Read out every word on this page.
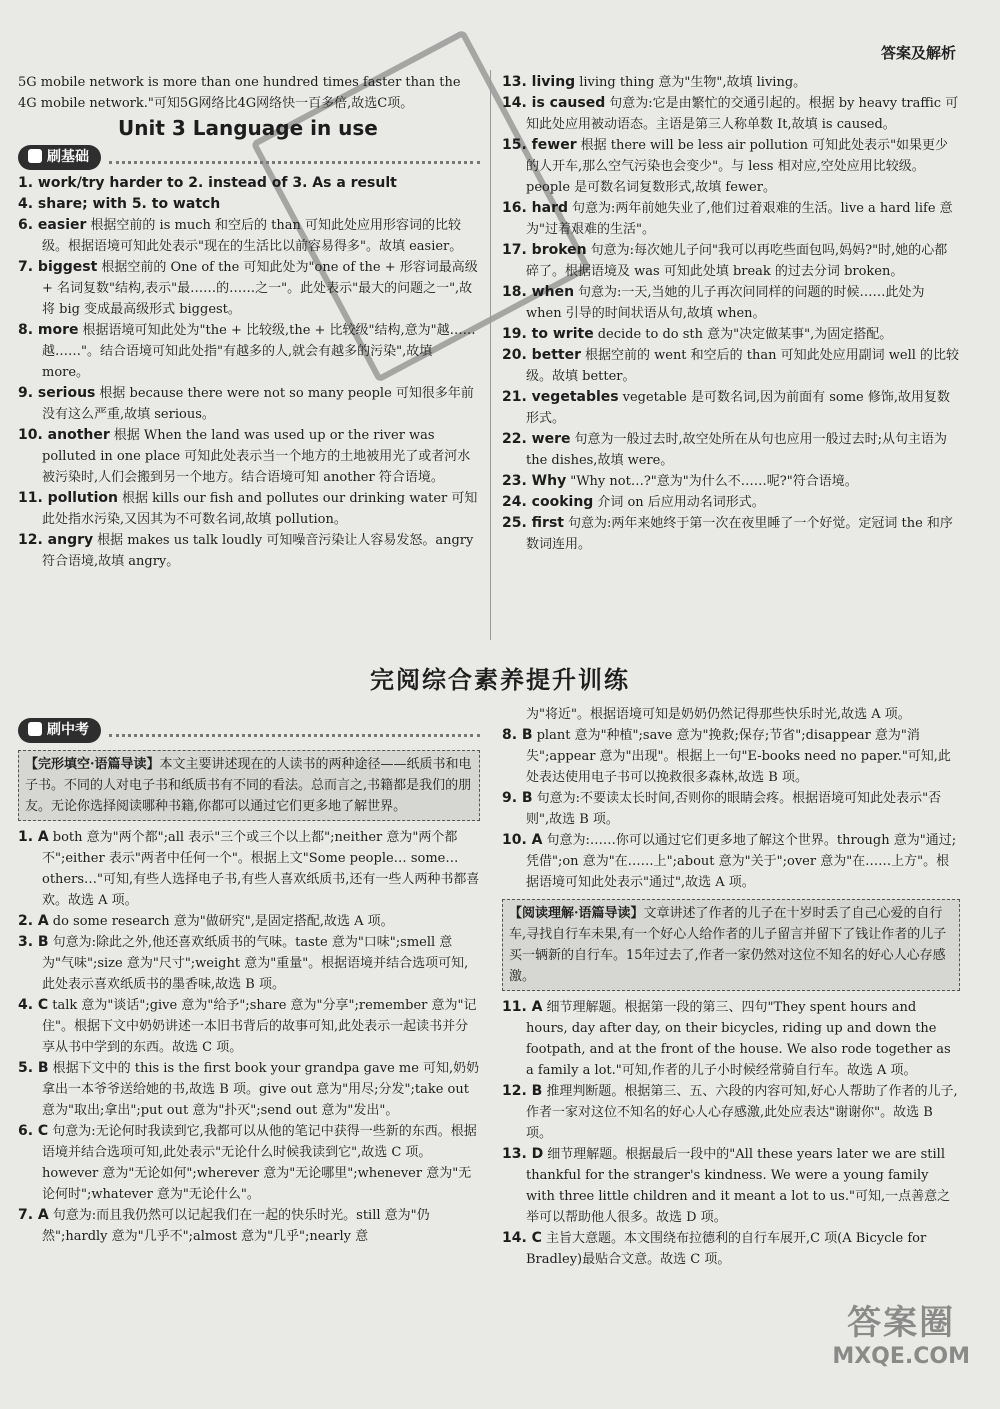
答案及解析

5G mobile network is more than one hundred times faster than the 4G mobile network."可知5G网络比4G网络快一百多倍,故选C项。

Unit 3 Language in use

刷基础

1. work/try harder to 2. instead of 3. As a result

4. share; with 5. to watch

6. easier 根据空前的 is much 和空后的 than 可知此处应用形容词的比较级。根据语境可知此处表示"现在的生活比以前容易得多"。故填 easier。

7. biggest 根据空前的 One of the 可知此处为"one of the + 形容词最高级 + 名词复数"结构,表示"最……的……之一"。此处表示"最大的问题之一",故将 big 变成最高级形式 biggest。

8. more 根据语境可知此处为"the + 比较级,the + 比较级"结构,意为"越……越……"。结合语境可知此处指"有越多的人,就会有越多的污染",故填 more。

9. serious 根据 because there were not so many people 可知很多年前没有这么严重,故填 serious。

10. another 根据 When the land was used up or the river was polluted in one place 可知此处表示当一个地方的土地被用光了或者河水被污染时,人们会搬到另一个地方。结合语境可知 another 符合语境。

11. pollution 根据 kills our fish and pollutes our drinking water 可知此处指水污染,又因其为不可数名词,故填 pollution。

12. angry 根据 makes us talk loudly 可知噪音污染让人容易发怒。angry 符合语境,故填 angry。

13. living living thing 意为"生物",故填 living。

14. is caused 句意为:它是由繁忙的交通引起的。根据 by heavy traffic 可知此处应用被动语态。主语是第三人称单数 It,故填 is caused。

15. fewer 根据 there will be less air pollution 可知此处表示"如果更少的人开车,那么空气污染也会变少"。与 less 相对应,空处应用比较级。people 是可数名词复数形式,故填 fewer。

16. hard 句意为:两年前她失业了,他们过着艰难的生活。live a hard life 意为"过着艰难的生活"。

17. broken 句意为:每次她儿子问"我可以再吃些面包吗,妈妈?"时,她的心都碎了。根据语境及 was 可知此处填 break 的过去分词 broken。

18. when 句意为:一天,当她的儿子再次问同样的问题的时候……此处为 when 引导的时间状语从句,故填 when。

19. to write decide to do sth 意为"决定做某事",为固定搭配。

20. better 根据空前的 went 和空后的 than 可知此处应用副词 well 的比较级。故填 better。

21. vegetables vegetable 是可数名词,因为前面有 some 修饰,故用复数形式。

22. were 句意为一般过去时,故空处所在从句也应用一般过去时;从句主语为 the dishes,故填 were。

23. Why "Why not…?"意为"为什么不……呢?"符合语境。

24. cooking 介词 on 后应用动名词形式。

25. first 句意为:两年来她终于第一次在夜里睡了一个好觉。定冠词 the 和序数词连用。

完阅综合素养提升训练
刷中考
【完形填空·语篇导读】本文主要讲述现在的人读书的两种途径——纸质书和电子书。不同的人对电子书和纸质书有不同的看法。总而言之,书籍都是我们的朋友。无论你选择阅读哪种书籍,你都可以通过它们更多地了解世界。

1. A both 意为"两个都";all 表示"三个或三个以上都";neither 意为"两个都不";either 表示"两者中任何一个"。根据上文"Some people… some… others…"可知,有些人选择电子书,有些人喜欢纸质书,还有一些人两种书都喜欢。故选 A 项。

2. A do some research 意为"做研究",是固定搭配,故选 A 项。

3. B 句意为:除此之外,他还喜欢纸质书的气味。taste 意为"口味";smell 意为"气味";size 意为"尺寸";weight 意为"重量"。根据语境并结合选项可知,此处表示喜欢纸质书的墨香味,故选 B 项。

4. C talk 意为"谈话";give 意为"给予";share 意为"分享";remember 意为"记住"。根据下文中奶奶讲述一本旧书背后的故事可知,此处表示一起读书并分享从书中学到的东西。故选 C 项。

5. B 根据下文中的 this is the first book your grandpa gave me 可知,奶奶拿出一本爷爷送给她的书,故选 B 项。give out 意为"用尽;分发";take out 意为"取出;拿出";put out 意为"扑灭";send out 意为"发出"。

6. C 句意为:无论何时我读到它,我都可以从他的笔记中获得一些新的东西。根据语境并结合选项可知,此处表示"无论什么时候我读到它",故选 C 项。however 意为"无论如何";wherever 意为"无论哪里";whenever 意为"无论何时";whatever 意为"无论什么"。

7. A 句意为:而且我仍然可以记起我们在一起的快乐时光。still 意为"仍然";hardly 意为"几乎不";almost 意为"几乎";nearly 意

为"将近"。根据语境可知是奶奶仍然记得那些快乐时光,故选 A 项。

8. B plant 意为"种植";save 意为"挽救;保存;节省";disappear 意为"消失";appear 意为"出现"。根据上一句"E-books need no paper."可知,此处表达使用电子书可以挽救很多森林,故选 B 项。

9. B 句意为:不要读太长时间,否则你的眼睛会疼。根据语境可知此处表示"否则",故选 B 项。

10. A 句意为:……你可以通过它们更多地了解这个世界。through 意为"通过;凭借";on 意为"在……上";about 意为"关于";over 意为"在……上方"。根据语境可知此处表示"通过",故选 A 项。

【阅读理解·语篇导读】文章讲述了作者的儿子在十岁时丢了自己心爱的自行车,寻找自行车未果,有一个好心人给作者的儿子留言并留下了钱让作者的儿子买一辆新的自行车。15年过去了,作者一家仍然对这位不知名的好心人心存感激。

11. A 细节理解题。根据第一段的第三、四句"They spent hours and hours, day after day, on their bicycles, riding up and down the footpath, and at the front of the house. We also rode together as a family a lot."可知,作者的儿子小时候经常骑自行车。故选 A 项。

12. B 推理判断题。根据第三、五、六段的内容可知,好心人帮助了作者的儿子,作者一家对这位不知名的好心人心存感激,此处应表达"谢谢你"。故选 B 项。

13. D 细节理解题。根据最后一段中的"All these years later we are still thankful for the stranger's kindness. We were a young family with three little children and it meant a lot to us."可知,一点善意之举可以帮助他人很多。故选 D 项。

14. C 主旨大意题。本文围绕布拉德利的自行车展开,C 项(A Bicycle for Bradley)最贴合文意。故选 C 项。

答案圈
MXQE.COM
